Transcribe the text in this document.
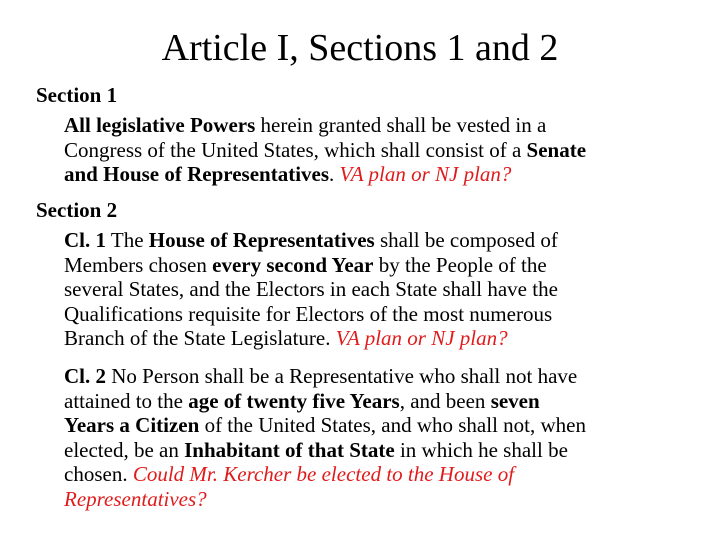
Article I, Sections 1 and 2
Section 1
All legislative Powers herein granted shall be vested in a
Congress of the United States, which shall consist of a Senate
and House of Representatives. VA plan or NJ plan?
Section 2
Cl. 1 The House of Representatives shall be composed of
Members chosen every second Year by the People of the
several States, and the Electors in each State shall have the
Qualifications requisite for Electors of the most numerous
Branch of the State Legislature. VA plan or NJ plan?
Cl. 2 No Person shall be a Representative who shall not have
attained to the age of twenty five Years, and been seven
Years a Citizen of the United States, and who shall not, when
elected, be an Inhabitant of that State in which he shall be
chosen. Could Mr. Kercher be elected to the House of
Representatives?
